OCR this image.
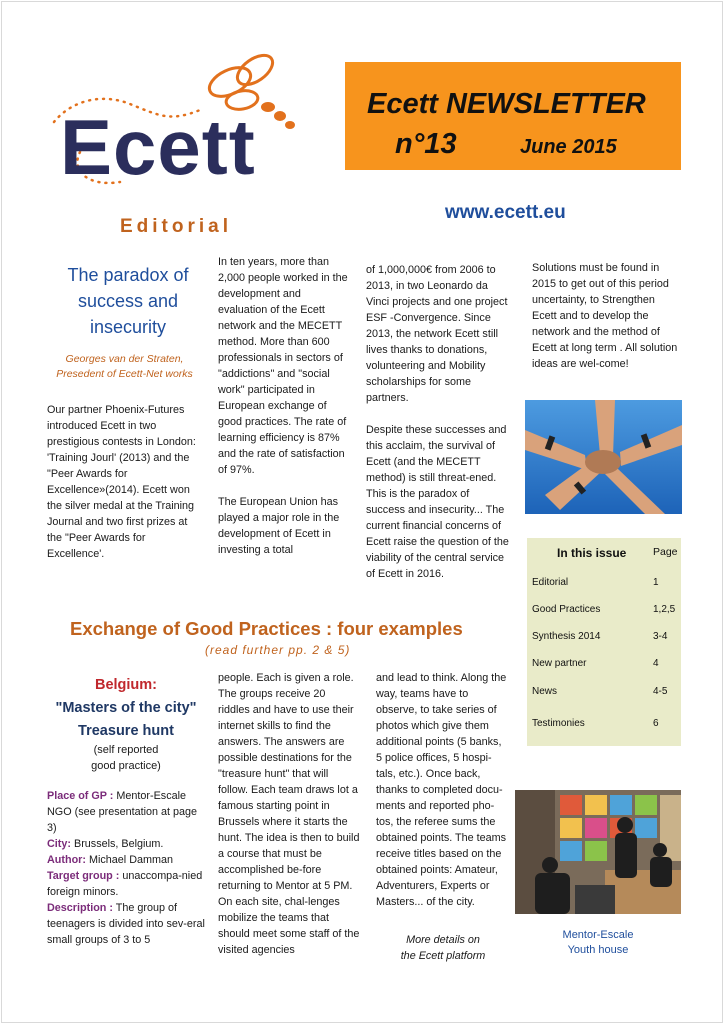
Ecett	Ecett NEWSLETTER
n°13	June 2015
www.ecett.eu
Editorial
The paradox of success and insecurity
Georges van der Straten,
Presedent of Ecett-Net works

Our partner Phoenix-Futures introduced Ecett in two prestigious contests in London: 'Training Jourl' (2013) and the "Peer Awards for Excellence»(2014). Ecett won the silver medal at the Training Journal and two first prizes at the "Peer Awards for Excellence'.

In ten years, more than 2,000 people worked in the development and evaluation of the Ecett network and the MECETT method. More than 600 professionals in sectors of "addictions" and "social work" participated in European exchange of good practices. The rate of learning efficiency is 87% and the rate of satisfaction of 97%.

The European Union has played a major role in the development of Ecett in investing a total

of 1,000,000€ from 2006 to 2013, in two Leonardo da Vinci projects and one project ESF -Convergence. Since 2013, the network Ecett still lives thanks to donations, volunteering and Mobility scholarships for some partners.

Despite these successes and this acclaim, the survival of Ecett (and the MECETT method) is still threat-ened. This is the paradox of success and insecurity... The current financial concerns of Ecett raise the question of the viability of the central service of Ecett in 2016.

Solutions must be found in 2015 to get out of this period uncertainty, to Strengthen Ecett and to develop the network and the method of Ecett at long term . All solution ideas are wel-come!

In this issue	Page
Editorial	1
Good Practices	1,2,5
Synthesis 2014	3-4
New partner	4
News	4-5
Testimonies	6
Exchange of Good Practices : four examples
(read further pp. 2 & 5)
Belgium:
"Masters of the city"
Treasure hunt
(self reported
good practice)

Place of GP : Mentor-Escale NGO (see presentation at page 3)

City: Brussels, Belgium.

Author: Michael Damman

Target group : unaccompa-nied foreign minors.

Description : The group of teenagers is divided into sev-eral small groups of 3 to 5

people. Each is given a role. The groups receive 20 riddles and have to use their internet skills to find the answers. The answers are possible destinations for the "treasure hunt" that will follow. Each team draws lot a famous starting point in Brussels where it starts the hunt. The idea is then to build a course that must be accomplished be-fore returning to Mentor at 5 PM. On each site, chal-lenges mobilize the teams that should meet some staff of the visited agencies

and lead to think. Along the way, teams have to observe, to take series of photos which give them additional points (5 banks, 5 police offices, 5 hospi-tals, etc.). Once back, thanks to completed docu-ments and reported pho-tos, the referee sums the obtained points. The teams receive titles based on the obtained points: Amateur, Adventurers, Experts or Masters... of the city.

More details on
the Ecett platform
Mentor-Escale
Youth house
